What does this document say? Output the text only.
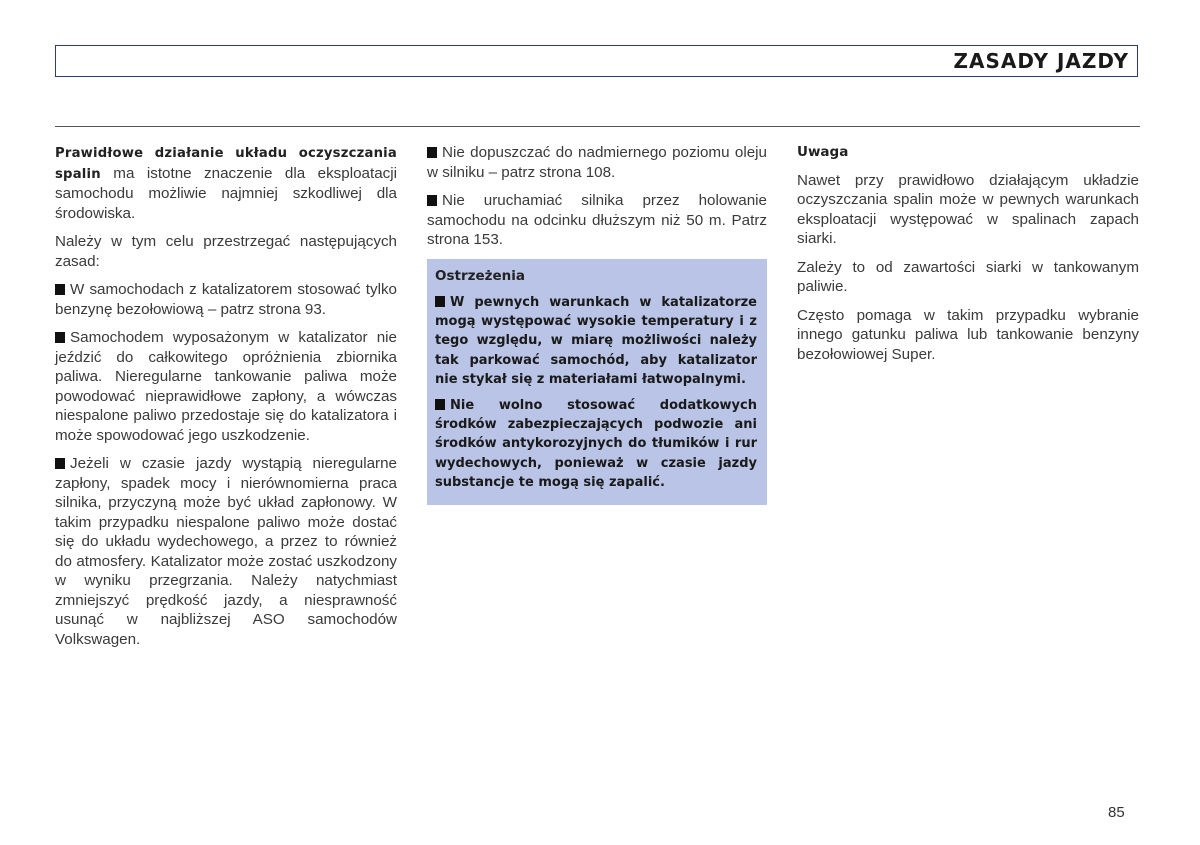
ZASADY JAZDY

Prawidłowe działanie układu oczyszczania spalin ma istotne znaczenie dla eksploatacji samochodu możliwie najmniej szkodliwej dla środowiska.

Należy w tym celu przestrzegać następujących zasad:

W samochodach z katalizatorem stosować tylko benzynę bezołowiową – patrz strona 93.

Samochodem wyposażonym w katalizator nie jeździć do całkowitego opróżnienia zbiornika paliwa. Nieregularne tankowanie paliwa może powodować nieprawidłowe zapłony, a wówczas niespalone paliwo przedostaje się do katalizatora i może spowodować jego uszkodzenie.

Jeżeli w czasie jazdy wystąpią nieregularne zapłony, spadek mocy i nierównomierna praca silnika, przyczyną może być układ zapłonowy. W takim przypadku niespalone paliwo może dostać się do układu wydechowego, a przez to również do atmosfery. Katalizator może zostać uszkodzony w wyniku przegrzania. Należy natychmiast zmniejszyć prędkość jazdy, a niesprawność usunąć w najbliższej ASO samochodów Volkswagen.

Nie dopuszczać do nadmiernego poziomu oleju w silniku – patrz strona 108.

Nie uruchamiać silnika przez holowanie samochodu na odcinku dłuższym niż 50 m. Patrz strona 153.

Ostrzeżenia

W pewnych warunkach w katalizatorze mogą występować wysokie temperatury i z tego względu, w miarę możliwości należy tak parkować samochód, aby katalizator nie stykał się z materiałami łatwopalnymi.

Nie wolno stosować dodatkowych środków zabezpieczających podwozie ani środków antykorozyjnych do tłumików i rur wydechowych, ponieważ w czasie jazdy substancje te mogą się zapalić.

Uwaga

Nawet przy prawidłowo działającym układzie oczyszczania spalin może w pewnych warunkach eksploatacji występować w spalinach zapach siarki.

Zależy to od zawartości siarki w tankowanym paliwie.

Często pomaga w takim przypadku wybranie innego gatunku paliwa lub tankowanie benzyny bezołowiowej Super.

85
